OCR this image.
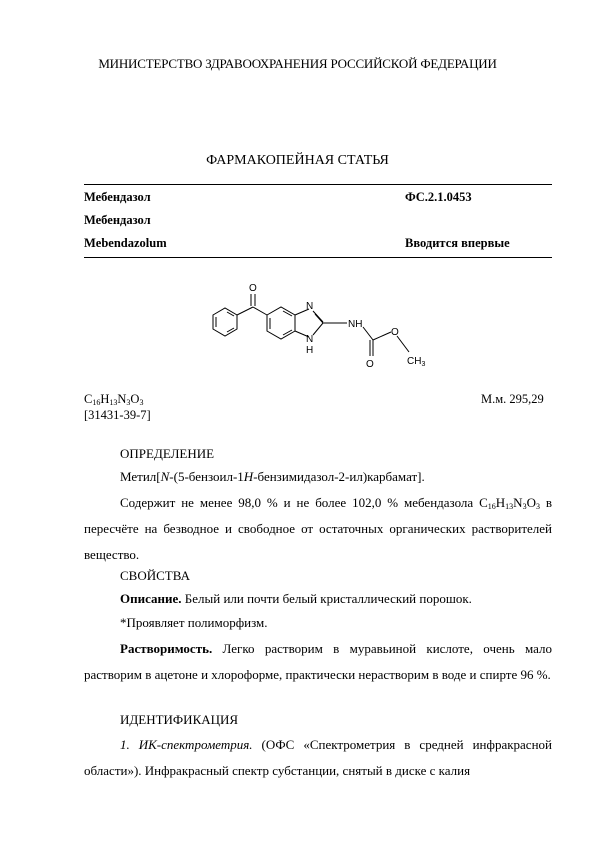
МИНИСТЕРСТВО ЗДРАВООХРАНЕНИЯ РОССИЙСКОЙ ФЕДЕРАЦИИ
ФАРМАКОПЕЙНАЯ СТАТЬЯ
Мебендазол	ФС.2.1.0453
Мебендазол
Mebendazolum	Вводится впервые
O
N
N
H
NH
O
O
$CH_3$
$C_{16}H_{13}N_3O_3$	М.м. 295,29
[31431-39-7]
ОПРЕДЕЛЕНИЕ
Метил[N-(5-бензоил-1H-бензимидазол-2-ил)карбамат].
Содержит не менее 98,0 % и не более 102,0 % мебендазола $C_{16}H_{13}N_3O_3$ в пересчёте на безводное и свободное от остаточных органических растворителей вещество.
СВОЙСТВА
Описание. Белый или почти белый кристаллический порошок.
*Проявляет полиморфизм.
Растворимость. Легко растворим в муравьиной кислоте, очень мало растворим в ацетоне и хлороформе, практически нерастворим в воде и спирте 96 %.
ИДЕНТИФИКАЦИЯ
1. ИК-спектрометрия. (ОФС «Спектрометрия в средней инфракрасной области»). Инфракрасный спектр субстанции, снятый в диске с калия
